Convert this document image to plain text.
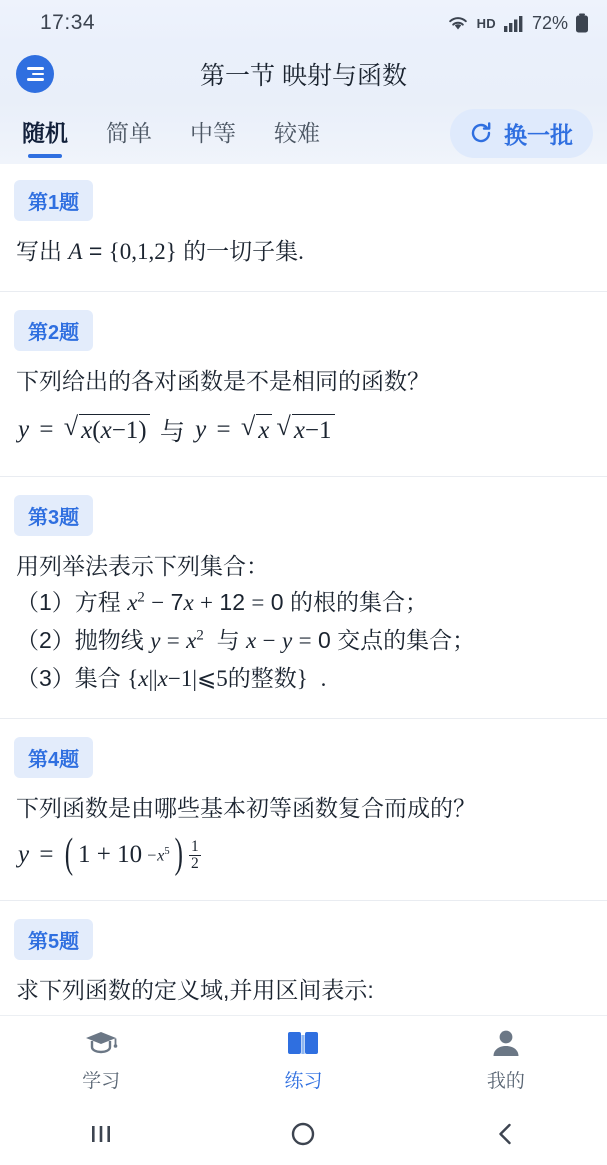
17:34	HD 72%
第一节 映射与函数
随机 简单 中等 较难	换一批
第1题
写出 A = {0,1,2} 的一切子集.
第2题
下列给出的各对函数是不是相同的函数？
y = √ x(x−1) 与 y = √ x √ x−1
第3题
用列举法表示下列集合：
（1）方程 $x^2 - 7x + 12 = 0$ 的根的集合；
（2）抛物线 $y = x^2$  与 x − y = 0 交点的集合；
（3）集合 {x||x−1|⩽5的整数} .
第4题
下列函数是由哪些基本初等函数复合而成的？
y = ( $1 + 10 -x^5$ ) $\frac{1}{2}$
第5题
求下列函数的定义域,并用区间表示:
学习	练习	我的
